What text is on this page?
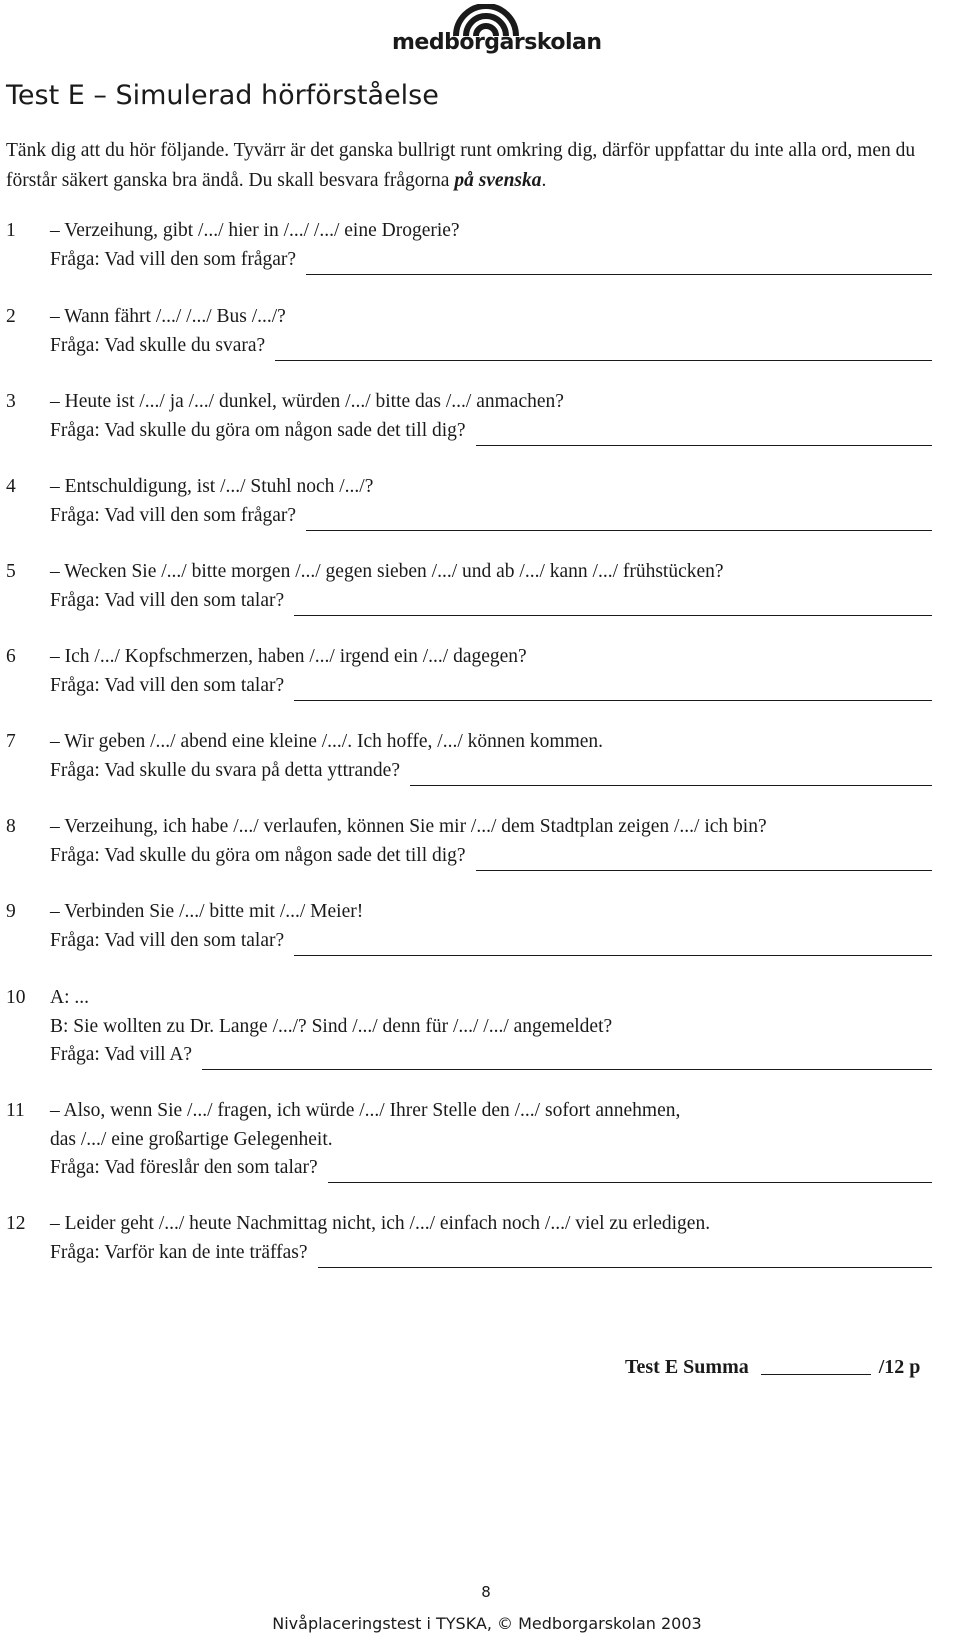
medborgarskolan
Test E – Simulerad hörförståelse
Tänk dig att du hör följande. Tyvärr är det ganska bullrigt runt omkring dig, därför uppfattar du inte alla ord, men du förstår säkert ganska bra ändå. Du skall besvara frågorna på svenska.
1 – Verzeihung, gibt /.../ hier in /.../ /.../ eine Drogerie?
Fråga: Vad vill den som frågar?
2 – Wann fährt /.../ /.../ Bus /.../?
Fråga: Vad skulle du svara?
3 – Heute ist /.../ ja /.../ dunkel, würden /.../ bitte das /.../ anmachen?
Fråga: Vad skulle du göra om någon sade det till dig?
4 – Entschuldigung, ist /.../ Stuhl noch /.../?
Fråga: Vad vill den som frågar?
5 – Wecken Sie /.../ bitte morgen /.../ gegen sieben /.../ und ab /.../ kann /.../ frühstücken?
Fråga: Vad vill den som talar?
6 – Ich /.../ Kopfschmerzen, haben /.../ irgend ein /.../ dagegen?
Fråga: Vad vill den som talar?
7 – Wir geben /.../ abend eine kleine /.../. Ich hoffe, /.../ können kommen.
Fråga: Vad skulle du svara på detta yttrande?
8 – Verzeihung, ich habe /.../ verlaufen, können Sie mir /.../ dem Stadtplan zeigen /.../ ich bin?
Fråga: Vad skulle du göra om någon sade det till dig?
9 – Verbinden Sie /.../ bitte mit /.../ Meier!
Fråga: Vad vill den som talar?
10 A: ...
B: Sie wollten zu Dr. Lange /.../? Sind /.../ denn für /.../ /.../ angemeldet?
Fråga: Vad vill A?
11 – Also, wenn Sie /.../ fragen, ich würde /.../ Ihrer Stelle den /.../ sofort annehmen,
das /.../ eine großartige Gelegenheit.
Fråga: Vad föreslår den som talar?
12 – Leider geht /.../ heute Nachmittag nicht, ich /.../ einfach noch /.../ viel zu erledigen.
Fråga: Varför kan de inte träffas?
Test E Summa	/12 p
8
Nivåplaceringstest i TYSKA, © Medborgarskolan 2003
